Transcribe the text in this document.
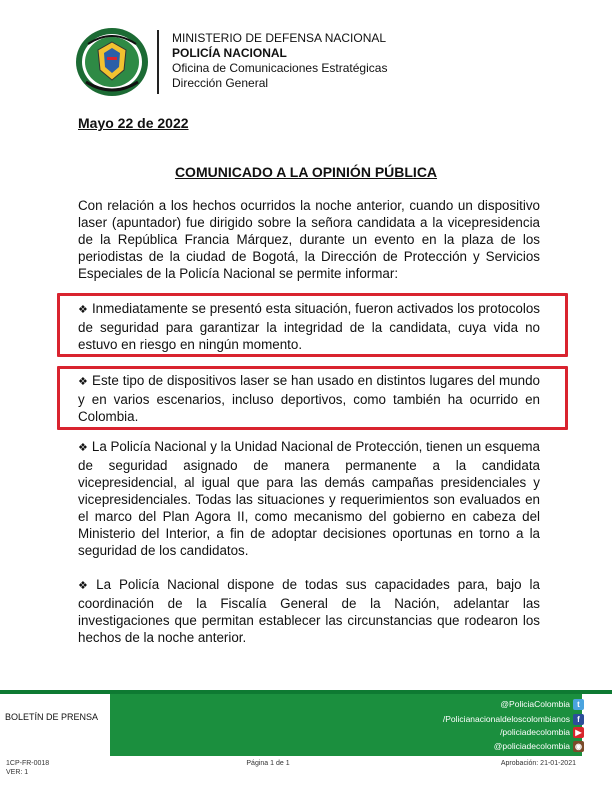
MINISTERIO DE DEFENSA NACIONAL
POLICÍA NACIONAL
Oficina de Comunicaciones Estratégicas
Dirección General
Mayo 22 de 2022
COMUNICADO A LA OPINIÓN PÚBLICA
Con relación a los hechos ocurridos la noche anterior, cuando un dispositivo laser (apuntador) fue dirigido sobre la señora candidata a la vicepresidencia de la República Francia Márquez, durante un evento en la plaza de los periodistas de la ciudad de Bogotá, la Dirección de Protección y Servicios Especiales de la Policía Nacional se permite informar:
❖ Inmediatamente se presentó esta situación, fueron activados los protocolos de seguridad para garantizar la integridad de la candidata, cuya vida no estuvo en riesgo en ningún momento.
❖ Este tipo de dispositivos laser se han usado en distintos lugares del mundo y en varios escenarios, incluso deportivos, como también ha ocurrido en Colombia.
❖ La Policía Nacional y la Unidad Nacional de Protección, tienen un esquema de seguridad asignado de manera permanente a la candidata vicepresidencial, al igual que para las demás campañas presidenciales y vicepresidenciales. Todas las situaciones y requerimientos son evaluados en el marco del Plan Agora II, como mecanismo del gobierno en cabeza del Ministerio del Interior, a fin de adoptar decisiones oportunas en torno a la seguridad de los candidatos.
❖ La Policía Nacional dispone de todas sus capacidades para, bajo la coordinación de la Fiscalía General de la Nación, adelantar las investigaciones que permitan establecer las circunstancias que rodearon los hechos de la noche anterior.
BOLETÍN DE PRENSA
@PoliciaColombia t
/Policianacionaldeloscolombianos f
/policiadecolombia ▶
@policiadecolombia ◉
1CP-FR-0018
VER: 1
Página 1 de 1	Aprobación: 21-01-2021
